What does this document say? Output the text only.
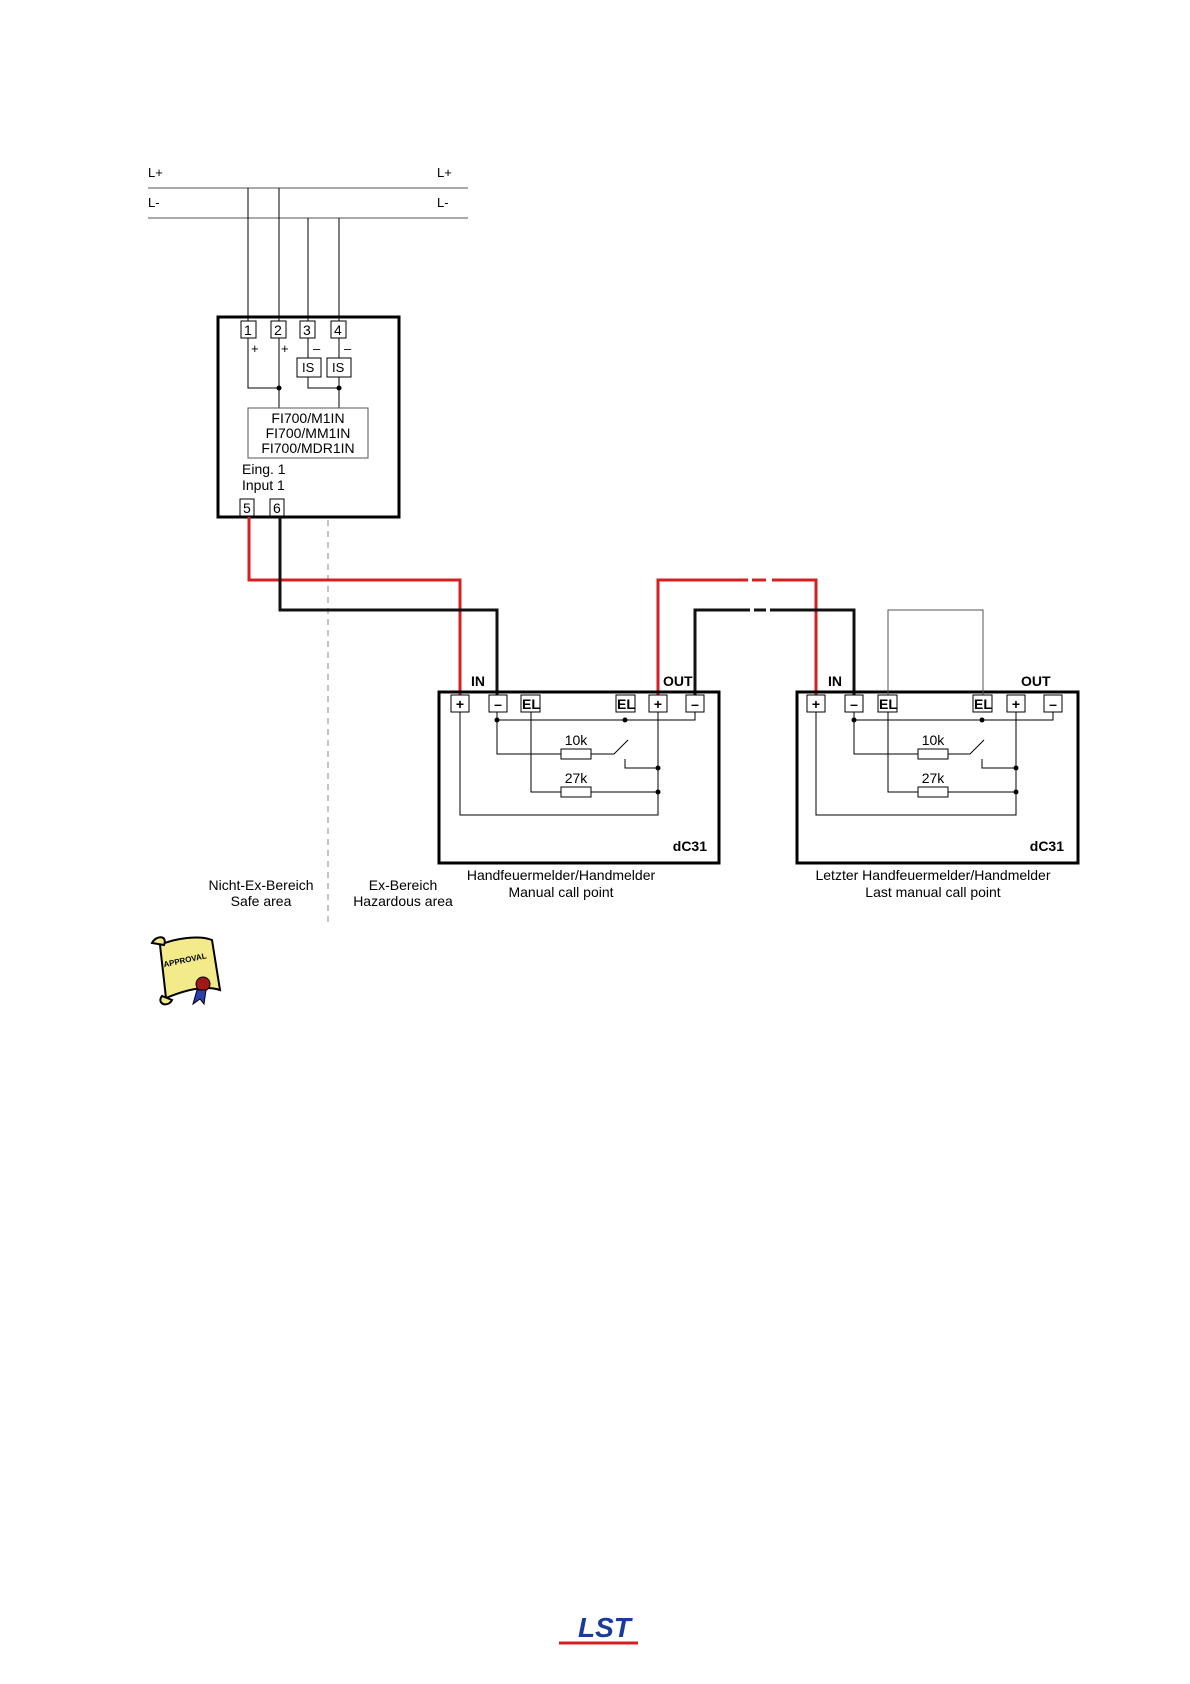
L+
L-
L+
L-
1 2 3 4
+ + – –
IS IS
FI700/M1IN
FI700/MM1IN
FI700/MDR1IN
Eing. 1
Input 1
5 6
Nicht-Ex-Bereich
Safe area
Ex-Bereich
Hazardous area
IN	OUT
+ – EL	EL + –
10k
27k
dC31
Handfeuermelder/Handmelder
Manual call point
IN	OUT
+ – EL	EL + –
10k
27k
dC31
Letzter Handfeuermelder/Handmelder
Last manual call point
APPROVAL
LST
